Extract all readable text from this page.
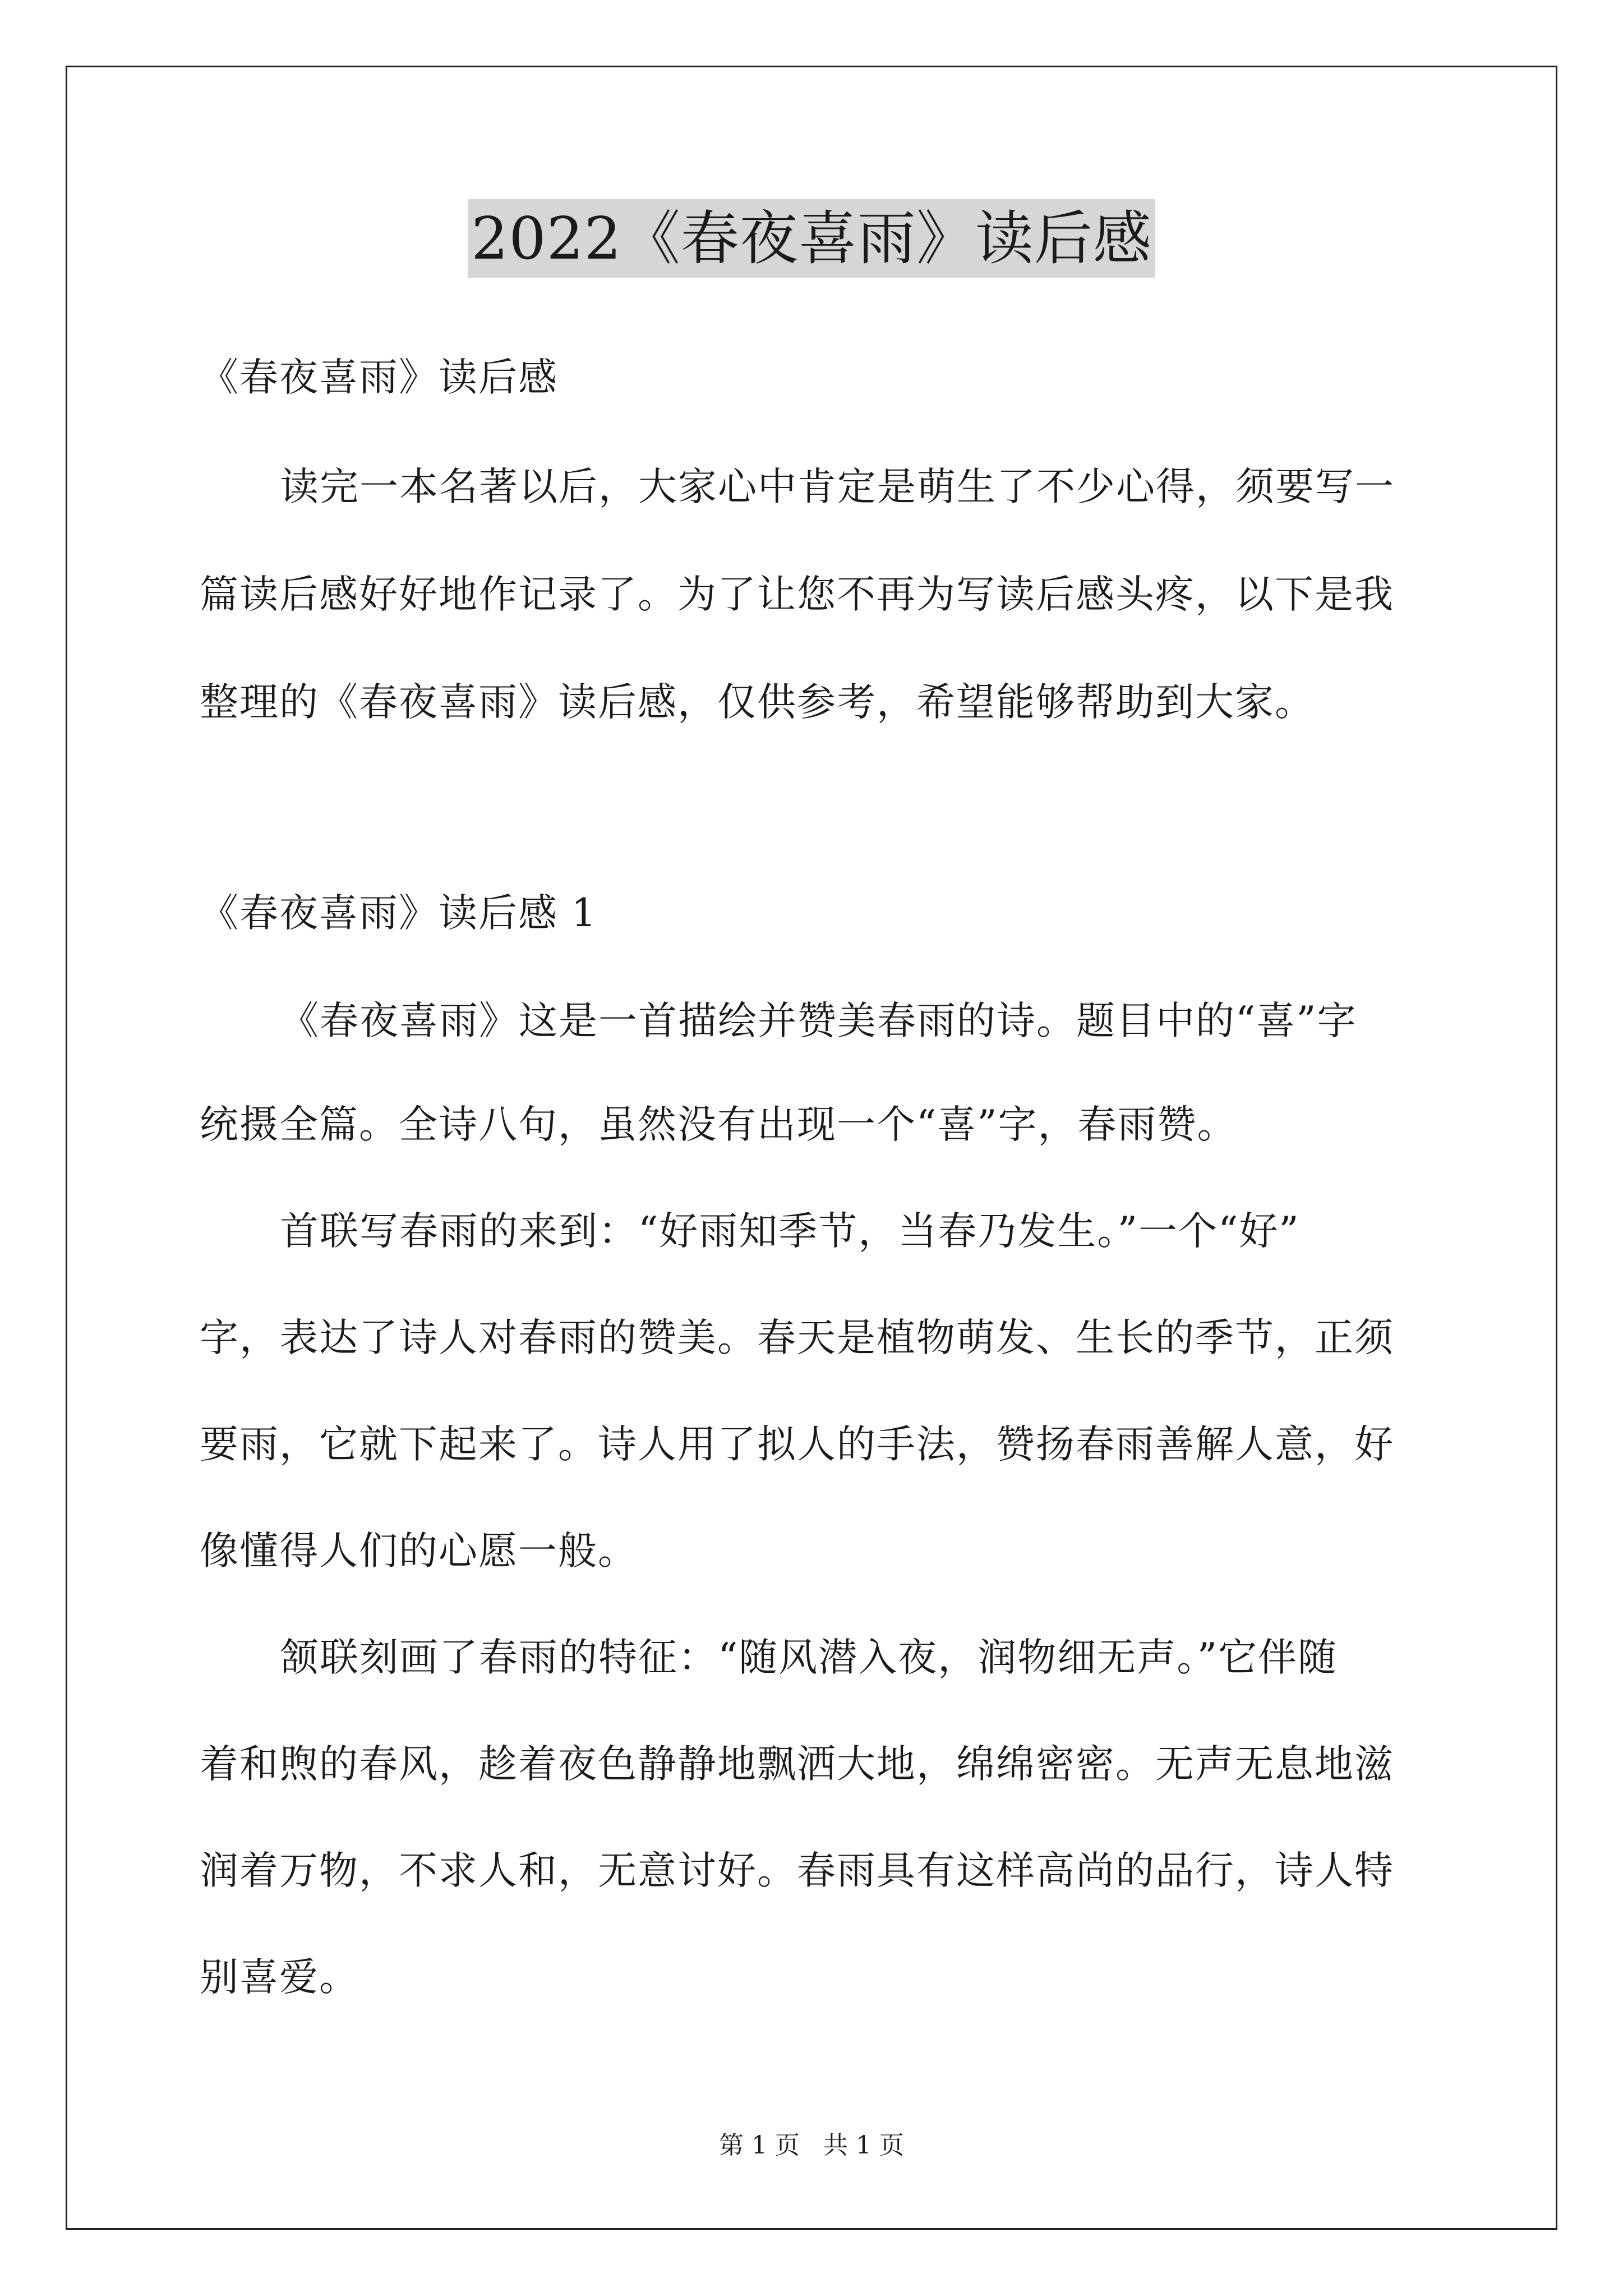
2022《春夜喜雨》读后感
《春夜喜雨》读后感
读完一本名著以后，大家心中肯定是萌生了不少心得，须要写一
篇读后感好好地作记录了。为了让您不再为写读后感头疼，以下是我
整理的《春夜喜雨》读后感，仅供参考，希望能够帮助到大家。
《春夜喜雨》读后感 1
《春夜喜雨》这是一首描绘并赞美春雨的诗。题目中的“喜”字
统摄全篇。全诗八句，虽然没有出现一个“喜”字，春雨赞。
首联写春雨的来到：“好雨知季节，当春乃发生。”一个“好”
字，表达了诗人对春雨的赞美。春天是植物萌发、生长的季节，正须
要雨，它就下起来了。诗人用了拟人的手法，赞扬春雨善解人意，好
像懂得人们的心愿一般。
颔联刻画了春雨的特征：“随风潜入夜，润物细无声。”它伴随
着和煦的春风，趁着夜色静静地飘洒大地，绵绵密密。无声无息地滋
润着万物，不求人和，无意讨好。春雨具有这样高尚的品行，诗人特
别喜爱。
第 1 页 共 1 页
